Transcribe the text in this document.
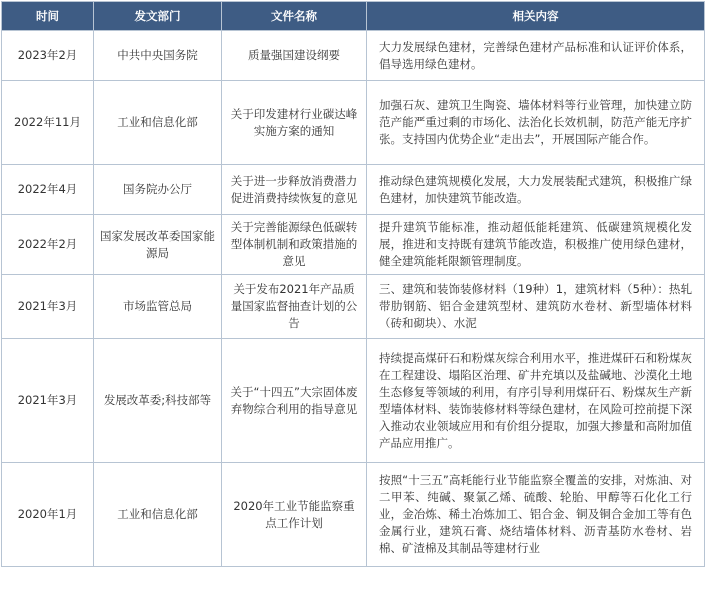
时间	发文部门	文件名称	相关内容
2023年2月	中共中央国务院	质量强国建设纲要	大力发展绿色建材，完善绿色建材产品标准和认证评价体系，倡导选用绿色建材。
2022年11月	工业和信息化部	关于印发建材行业碳达峰实施方案的通知	加强石灰、建筑卫生陶瓷、墙体材料等行业管理，加快建立防范产能严重过剩的市场化、法治化长效机制，防范产能无序扩张。支持国内优势企业“走出去”，开展国际产能合作。
2022年4月	国务院办公厅	关于进一步释放消费潜力促进消费持续恢复的意见	推动绿色建筑规模化发展，大力发展装配式建筑，积极推广绿色建材，加快建筑节能改造。
2022年2月	国家发展改革委国家能源局	关于完善能源绿色低碳转型体制机制和政策措施的意见	提升建筑节能标准，推动超低能耗建筑、低碳建筑规模化发展，推进和支持既有建筑节能改造，积极推广使用绿色建材，健全建筑能耗限额管理制度。
2021年3月	市场监管总局	关于发布2021年产品质量国家监督抽查计划的公告	三、建筑和装饰装修材料（19种）1，建筑材料（5种）：热轧带肋钢筋、铝合金建筑型材、建筑防水卷材、新型墙体材料（砖和砌块）、水泥
2021年3月	发展改革委;科技部等	关于“十四五”大宗固体废弃物综合利用的指导意见	持续提高煤矸石和粉煤灰综合利用水平，推进煤矸石和粉煤灰在工程建设、塌陷区治理、矿井充填以及盐碱地、沙漠化土地生态修复等领域的利用，有序引导利用煤矸石、粉煤灰生产新型墙体材料、装饰装修材料等绿色建材，在风险可控前提下深入推动农业领域应用和有价组分提取，加强大掺量和高附加值产品应用推广。
2020年1月	工业和信息化部	2020年工业节能监察重点工作计划	按照“十三五”高耗能行业节能监察全覆盖的安排，对炼油、对二甲苯、纯碱、聚氯乙烯、硫酸、轮胎、甲醇等石化化工行业，金冶炼、稀土冶炼加工、铝合金、铜及铜合金加工等有色金属行业，建筑石膏、烧结墙体材料、沥青基防水卷材、岩棉、矿渣棉及其制品等建材行业
